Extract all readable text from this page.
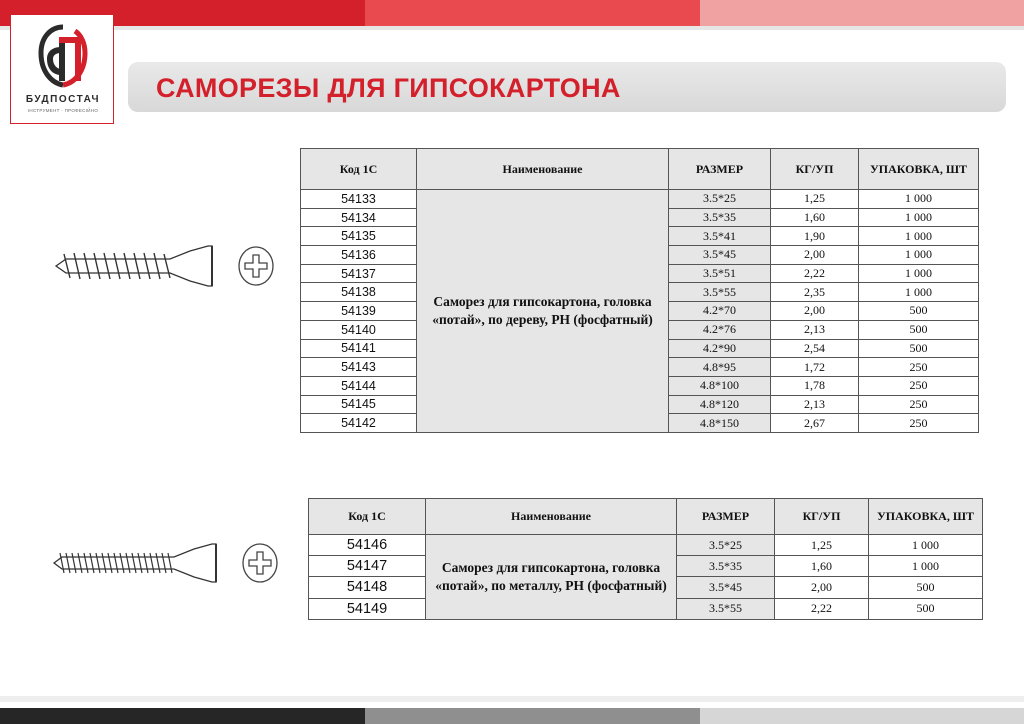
БУДПОСТАЧ
ІНСТРУМЕНТ · ПРОФЕСІЙНО
САМОРЕЗЫ ДЛЯ ГИПСОКАРТОНА
Код 1С	Наименование	РАЗМЕР	КГ/УП	УПАКОВКА, ШТ
54133	Саморез для гипсокартона, головка «потай», по дереву, PH (фосфатный)	3.5*25	1,25	1 000
54134		3.5*35	1,60	1 000
54135		3.5*41	1,90	1 000
54136		3.5*45	2,00	1 000
54137		3.5*51	2,22	1 000
54138		3.5*55	2,35	1 000
54139		4.2*70	2,00	500
54140		4.2*76	2,13	500
54141		4.2*90	2,54	500
54143		4.8*95	1,72	250
54144		4.8*100	1,78	250
54145		4.8*120	2,13	250
54142		4.8*150	2,67	250
Код 1С	Наименование	РАЗМЕР	КГ/УП	УПАКОВКА, ШТ
54146	Саморез для гипсокартона, головка «потай», по металлу, PH (фосфатный)	3.5*25	1,25	1 000
54147		3.5*35	1,60	1 000
54148		3.5*45	2,00	500
54149		3.5*55	2,22	500
